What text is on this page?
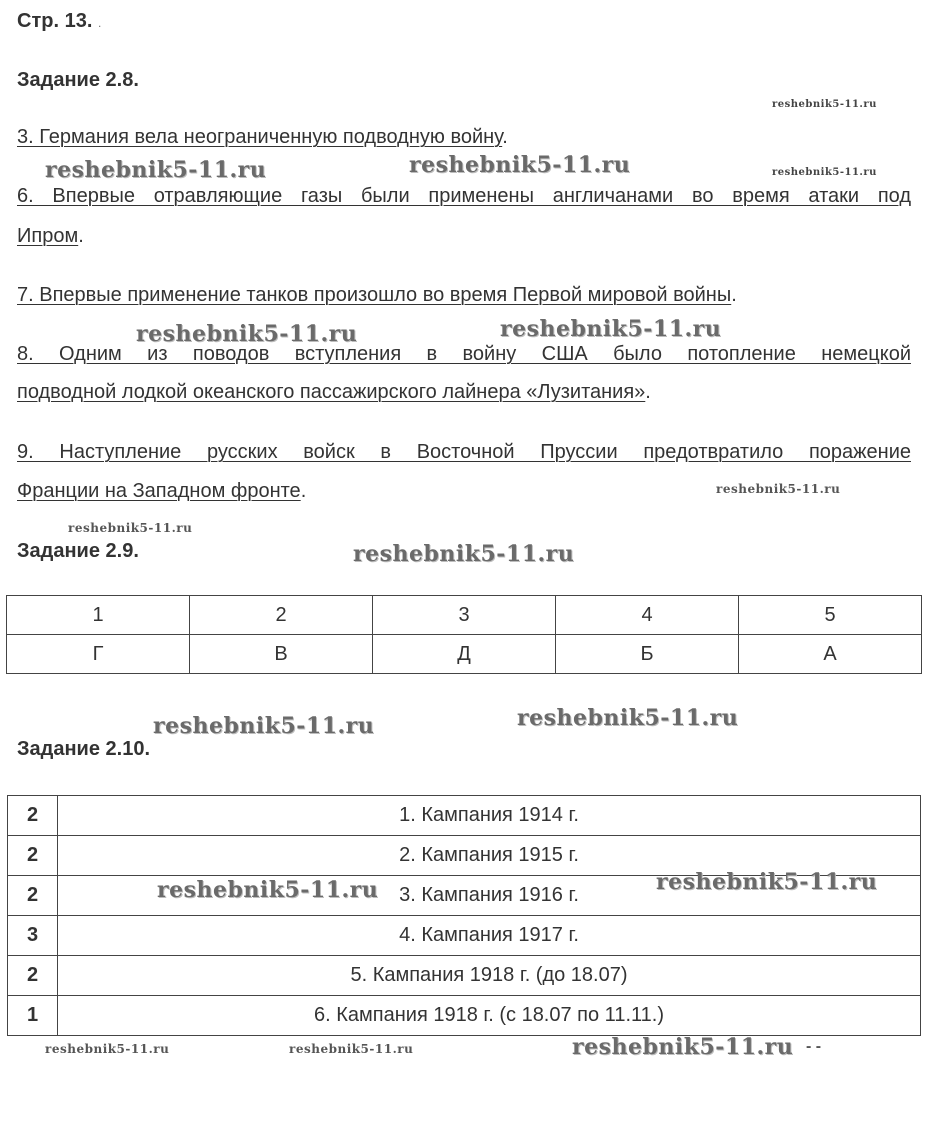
Стр. 13. .
Задание 2.8.
3. Германия вела неограниченную подводную войну.
6. Впервые отравляющие газы были применены англичанами во время атаки под
Ипром.
7. Впервые применение танков произошло во время Первой мировой войны.
8. Одним из поводов вступления в войну США было потопление немецкой
подводной лодкой океанского пассажирского лайнера «Лузитания».
9. Наступление русских войск в Восточной Пруссии предотвратило поражение
Франции на Западном фронте.
Задание 2.9.
1	2	3	4	5
Г	В	Д	Б	А
Задание 2.10.
2	1. Кампания 1914 г.
2	2. Кампания 1915 г.
2	3. Кампания 1916 г.
3	4. Кампания 1917 г.
2	5. Кампания 1918 г. (до 18.07)
1	6. Кампания 1918 г. (с 18.07 по 11.11.)
reshebnik5-11.ru
reshebnik5-11.ru	reshebnik5-11.ru	reshebnik5-11.ru
reshebnik5-11.ru	reshebnik5-11.ru
reshebnik5-11.ru
reshebnik5-11.ru
reshebnik5-11.ru
reshebnik5-11.ru	reshebnik5-11.ru
reshebnik5-11.ru	reshebnik5-11.ru
reshebnik5-11.ru	reshebnik5-11.ru	reshebnik5-11.ru - -
